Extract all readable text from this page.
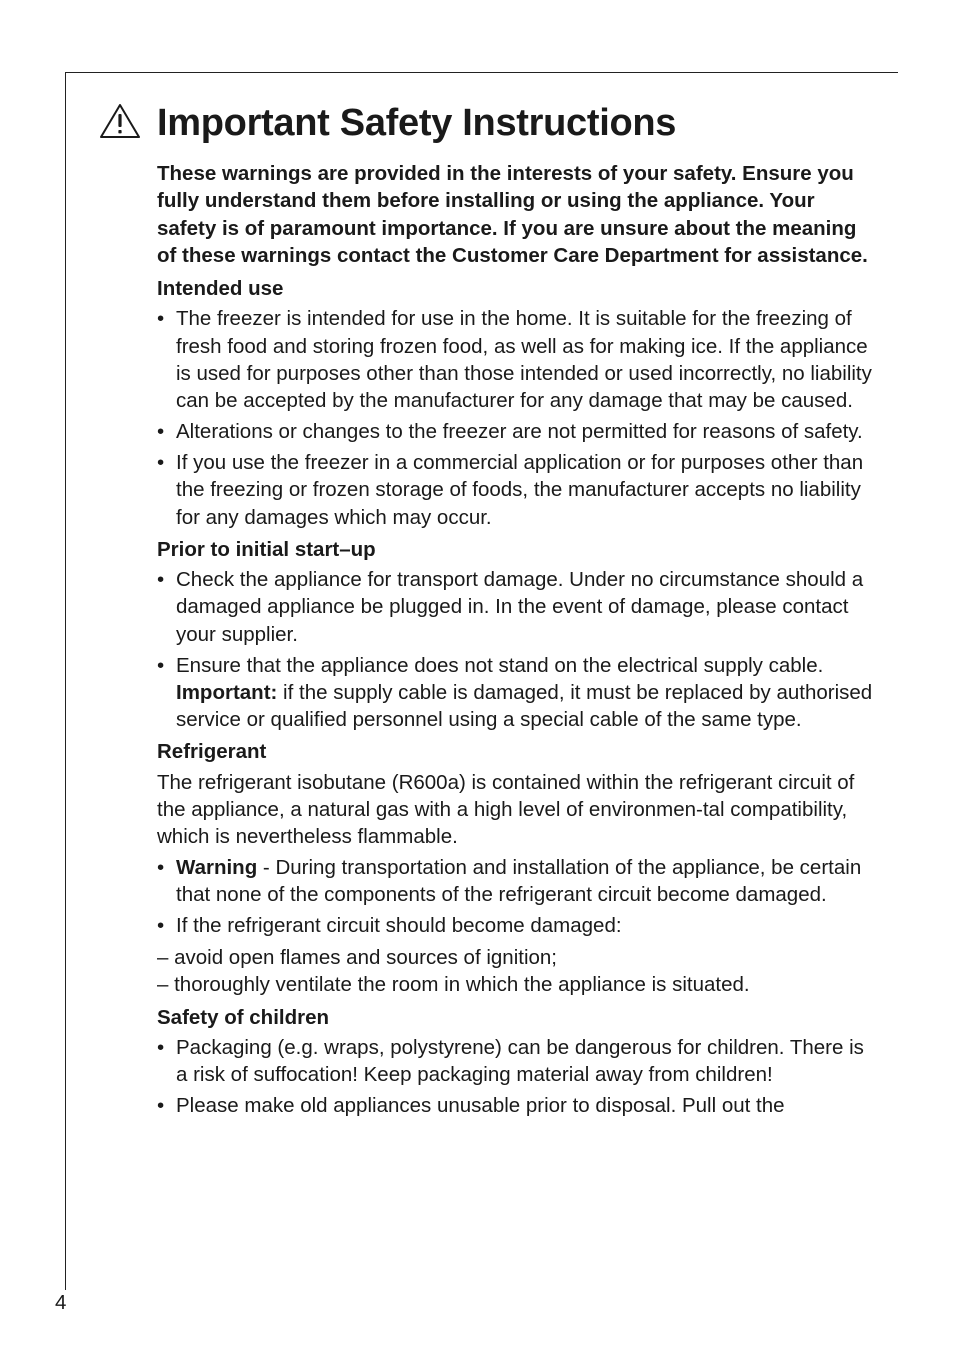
Important Safety Instructions

These warnings are provided in the interests of your safety. Ensure you fully understand them before installing or using the appliance. Your safety is of paramount importance. If you are unsure about the meaning of these warnings contact the Customer Care Department for assistance.

Intended use
• The freezer is intended for use in the home. It is suitable for the freezing of fresh food and storing frozen food, as well as for making ice. If the appliance is used for purposes other than those intended or used incorrectly, no liability can be accepted by the manufacturer for any damage that may be caused.
• Alterations or changes to the freezer are not permitted for reasons of safety.
• If you use the freezer in a commercial application or for purposes other than the freezing or frozen storage of foods, the manufacturer accepts no liability for any damages which may occur.
Prior to initial start–up
• Check the appliance for transport damage. Under no circumstance should a damaged appliance be plugged in. In the event of damage, please contact your supplier.
• Ensure that the appliance does not stand on the electrical supply cable. Important: if the supply cable is damaged, it must be replaced by authorised service or qualified personnel using a special cable of the same type.
Refrigerant

The refrigerant isobutane (R600a) is contained within the refrigerant circuit of the appliance, a natural gas with a high level of environmen-tal compatibility, which is nevertheless flammable.

• Warning - During transportation and installation of the appliance, be certain that none of the components of the refrigerant circuit become damaged.
• If the refrigerant circuit should become damaged:

– avoid open flames and sources of ignition;

– thoroughly ventilate the room in which the appliance is situated.

Safety of children
• Packaging (e.g. wraps, polystyrene) can be dangerous for children. There is a risk of suffocation! Keep packaging material away from children!
• Please make old appliances unusable prior to disposal. Pull out the
4
